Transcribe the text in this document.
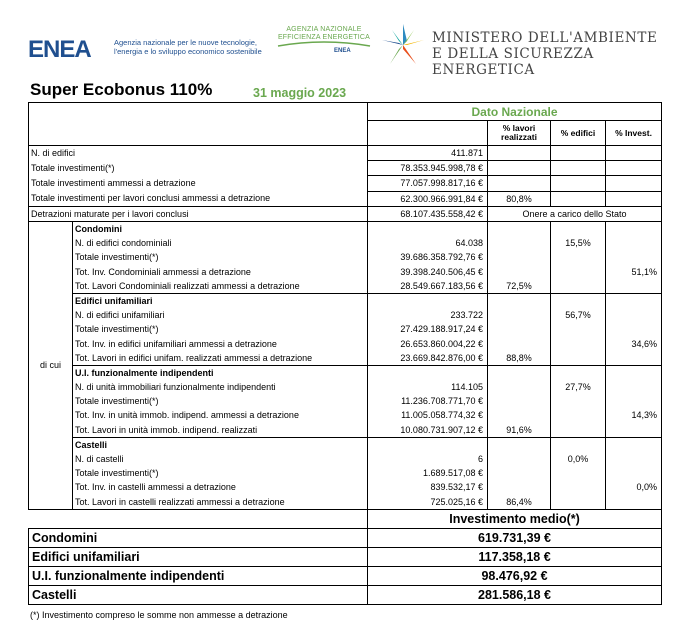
ENEA	Agenzia nazionale per le nuove tecnologie, l'energia e lo sviluppo economico sostenibile
AGENZIA NAZIONALE
EFFICIENZA ENERGETICA
ENEA
MINISTERO DELL'AMBIENTE
E DELLA SICUREZZA ENERGETICA
Super Ecobonus 110%	31 maggio 2023
		Dato Nazionale			
			% lavori realizzati	% edifici	% Invest.
N. di edifici		411.871			
Totale investimenti(*)		78.353.945.998,78 €			
Totale investimenti ammessi a detrazione		77.057.998.817,16 €			
Totale investimenti per lavori conclusi ammessi a detrazione		62.300.966.991,84 €	80,8%		
Detrazioni maturate per i lavori conclusi		68.107.435.558,42 €	Onere a carico dello Stato		
di cui	Condomini				
	N. di edifici condominiali	64.038		15,5%	
	Totale investimenti(*)	39.686.358.792,76 €			
	Tot. Inv. Condominiali ammessi a detrazione	39.398.240.506,45 €			51,1%
	Tot. Lavori Condominiali realizzati ammessi a detrazione	28.549.667.183,56 €	72,5%		
	Edifici unifamiliari				
	N. di edifici unifamiliari	233.722		56,7%	
	Totale investimenti(*)	27.429.188.917,24 €			
	Tot. Inv. in edifici unifamiliari ammessi a detrazione	26.653.860.004,22 €			34,6%
	Tot. Lavori in edifici unifam. realizzati ammessi a detrazione	23.669.842.876,00 €	88,8%		
	U.I. funzionalmente indipendenti				
	N. di unità immobiliari funzionalmente indipendenti	114.105		27,7%	
	Totale investimenti(*)	11.236.708.771,70 €			
	Tot. Inv. in unità immob. indipend. ammessi a detrazione	11.005.058.774,32 €			14,3%
	Tot. Lavori in unità immob. indipend. realizzati	10.080.731.907,12 €	91,6%		
	Castelli				
	N. di castelli	6		0,0%	
	Totale investimenti(*)	1.689.517,08 €			
	Tot. Inv. in castelli ammessi a detrazione	839.532,17 €			0,0%
	Tot. Lavori in castelli realizzati ammessi a detrazione	725.025,16 €	86,4%		
		Investimento medio(*)			
Condomini		619.731,39 €			
Edifici unifamiliari		117.358,18 €			
U.I. funzionalmente indipendenti		98.476,92 €			
Castelli		281.586,18 €			
(*) Investimento compreso le somme non ammesse a detrazione
